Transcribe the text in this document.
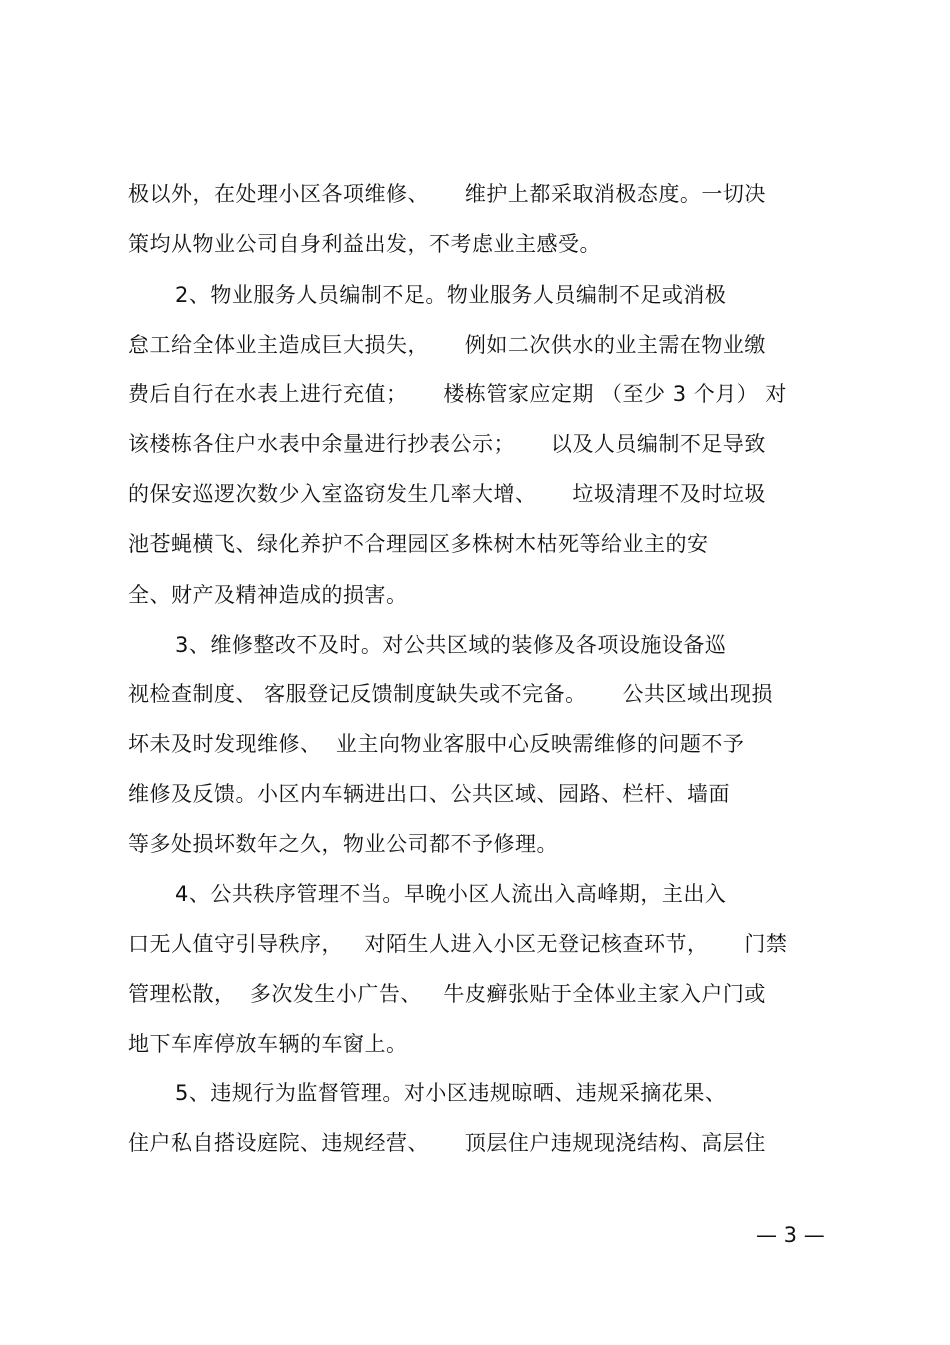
极以外，在处理小区各项维修、     维护上都采取消极态度。一切决
策均从物业公司自身利益出发，不考虑业主感受。
2、物业服务人员编制不足。物业服务人员编制不足或消极
怠工给全体业主造成巨大损失，     例如二次供水的业主需在物业缴
费后自行在水表上进行充值；     楼栋管家应定期 （至少 3 个月） 对
该楼栋各住户水表中余量进行抄表公示；     以及人员编制不足导致
的保安巡逻次数少入室盗窃发生几率大增、     垃圾清理不及时垃圾
池苍蝇横飞、绿化养护不合理园区多株树木枯死等给业主的安
全、财产及精神造成的损害。
3、维修整改不及时。对公共区域的装修及各项设施设备巡
视检查制度、 客服登记反馈制度缺失或不完备。     公共区域出现损
坏未及时发现维修、  业主向物业客服中心反映需维修的问题不予
维修及反馈。小区内车辆进出口、公共区域、园路、栏杆、墙面
等多处损坏数年之久，物业公司都不予修理。
4、公共秩序管理不当。早晚小区人流出入高峰期，主出入
口无人值守引导秩序，   对陌生人进入小区无登记核查环节，     门禁
管理松散，  多次发生小广告、   牛皮癣张贴于全体业主家入户门或
地下车库停放车辆的车窗上。
5、违规行为监督管理。对小区违规晾晒、违规采摘花果、
住户私自搭设庭院、违规经营、     顶层住户违规现浇结构、高层住
— 3 —
